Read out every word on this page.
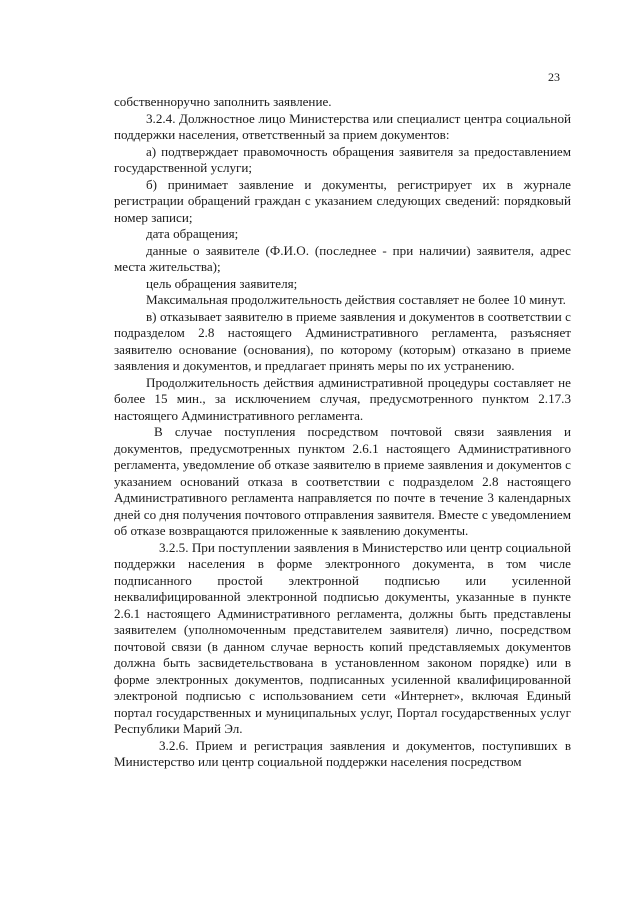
23

собственноручно заполнить заявление.

3.2.4. Должностное лицо Министерства или специалист центра социальной поддержки населения, ответственный за прием документов:

а) подтверждает правомочность обращения заявителя за предоставлением государственной услуги;

б) принимает заявление и документы, регистрирует их в журнале регистрации обращений граждан с указанием следующих сведений: порядковый номер записи;

дата обращения;

данные о заявителе (Ф.И.О. (последнее - при наличии) заявителя, адрес места жительства);

цель обращения заявителя;

Максимальная продолжительность действия составляет не более 10 минут.

в) отказывает заявителю в приеме заявления и документов в соответствии с подразделом 2.8 настоящего Административного регламента, разъясняет заявителю основание (основания), по которому (которым) отказано в приеме заявления и документов, и предлагает принять меры по их устранению.

Продолжительность действия административной процедуры составляет не более 15 мин., за исключением случая, предусмотренного пунктом 2.17.3 настоящего Административного регламента.

В случае поступления посредством почтовой связи заявления и документов, предусмотренных пунктом 2.6.1 настоящего Административного регламента, уведомление об отказе заявителю в приеме заявления и документов с указанием оснований отказа в соответствии с подразделом 2.8 настоящего Административного регламента направляется по почте в течение 3 календарных дней со дня получения почтового отправления заявителя. Вместе с уведомлением об отказе возвращаются приложенные к заявлению документы.

3.2.5. При поступлении заявления в Министерство или центр социальной поддержки населения в форме электронного документа, в том числе подписанного простой электронной подписью или усиленной неквалифицированной электронной подписью документы, указанные в пункте 2.6.1 настоящего Административного регламента, должны быть представлены заявителем (уполномоченным представителем заявителя) лично, посредством почтовой связи (в данном случае верность копий представляемых документов должна быть засвидетельствована в установленном законом порядке) или в форме электронных документов, подписанных усиленной квалифицированной электроной подписью с использованием сети «Интернет», включая Единый портал государственных и муниципальных услуг, Портал государственных услуг Республики Марий Эл.

3.2.6. Прием и регистрация заявления и документов, поступивших в Министерство или центр социальной поддержки населения посредством
